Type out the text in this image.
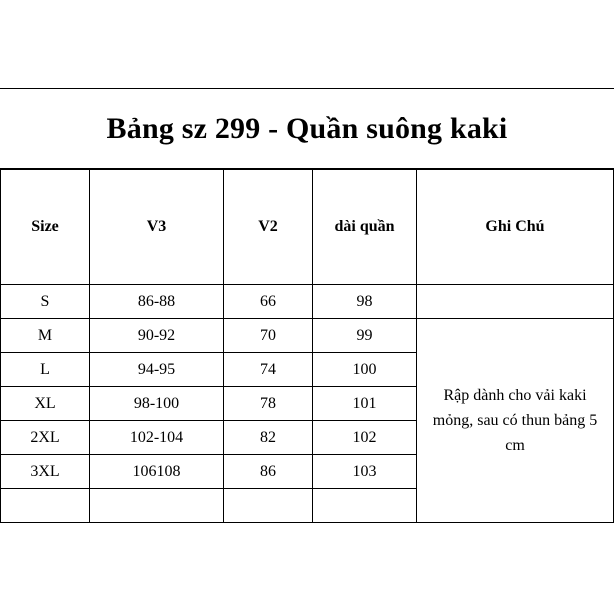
Bảng sz 299 - Quần suông kaki
Size	V3	V2	dài quần	Ghi Chú
S	86-88	66	98	
M	90-92	70	99	Rập dành cho vải kaki mỏng, sau có thun bảng 5 cm
L	94-95	74	100	
XL	98-100	78	101	
2XL	102-104	82	102	
3XL	106108	86	103	
